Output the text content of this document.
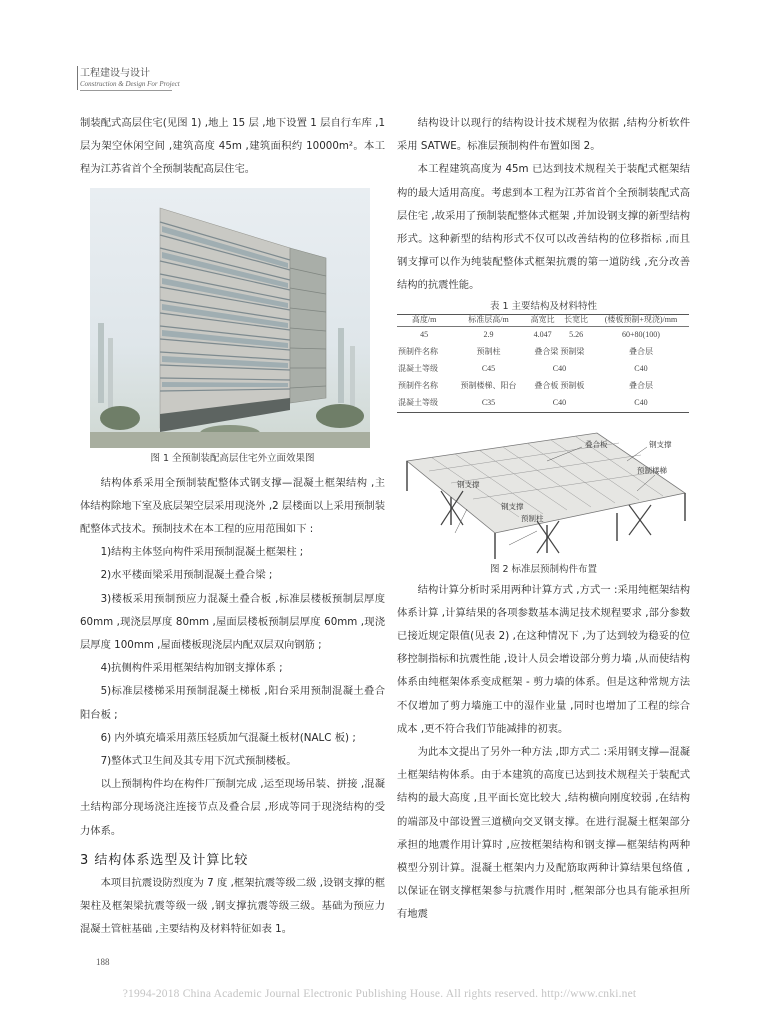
工程建设与设计
Construction & Design For Project

制装配式高层住宅(见图 1) ,地上 15 层 ,地下设置 1 层自行车库 ,1 层为架空休闲空间 ,建筑高度 45m ,建筑面积约 10000m²。本工程为江苏省首个全预制装配高层住宅。

图 1 全预制装配高层住宅外立面效果图

结构体系采用全预制装配整体式钢支撑—混凝土框架结构 ,主体结构除地下室及底层架空层采用现浇外 ,2 层楼面以上采用预制装配整体式技术。预制技术在本工程的应用范围如下 :

1)结构主体竖向构件采用预制混凝土框架柱 ;

2)水平楼面梁采用预制混凝土叠合梁 ;

3)楼板采用预制预应力混凝土叠合板 ,标准层楼板预制层厚度 60mm ,现浇层厚度 80mm ,屋面层楼板预制层厚度 60mm ,现浇层厚度 100mm ,屋面楼板现浇层内配双层双向钢筋 ;

4)抗侧构件采用框架结构加钢支撑体系 ;

5)标准层楼梯采用预制混凝土梯板 ,阳台采用预制混凝土叠合阳台板 ;

6) 内外填充墙采用蒸压轻质加气混凝土板材(NALC 板) ;

7)整体式卫生间及其专用下沉式预制楼板。

以上预制构件均在构件厂预制完成 ,运至现场吊装、拼接 ,混凝土结构部分现场浇注连接节点及叠合层 ,形成等同于现浇结构的受力体系。

3 结构体系选型及计算比较

本项目抗震设防烈度为 7 度 ,框架抗震等级二级 ,设钢支撑的框架柱及框架梁抗震等级一级 ,钢支撑抗震等级三级。基础为预应力混凝土管桩基础 ,主要结构及材料特征如表 1。

结构设计以现行的结构设计技术规程为依据 ,结构分析软件采用 SATWE。标准层预制构件布置如图 2。

本工程建筑高度为 45m 已达到技术规程关于装配式框架结构的最大适用高度。考虑到本工程为江苏省首个全预制装配式高层住宅 ,故采用了预制装配整体式框架 ,并加设钢支撑的新型结构形式。这种新型的结构形式不仅可以改善结构的位移指标 ,而且钢支撑可以作为纯装配整体式框架抗震的第一道防线 ,充分改善结构的抗震性能。

表 1 主要结构及材料特性
高度/m	标准层高/m	高宽比	长宽比	(楼板预制+现浇)/mm
45	2.9	4.047	5.26	60+80(100)
预制件名称	预制柱	叠合梁 预制梁		叠合层
混凝土等级	C45	C40		C40
预制件名称	预制楼梯、阳台	叠合板 预制板		叠合层
混凝土等级	C35	C40		C40
叠合板	钢支撑
预制楼梯
钢支撑
钢支撑
预制柱
图 2 标准层预制构件布置

结构计算分析时采用两种计算方式 ,方式一 :采用纯框架结构体系计算 ,计算结果的各项参数基本满足技术规程要求 ,部分参数已接近规定限值(见表 2) ,在这种情况下 ,为了达到较为稳妥的位移控制指标和抗震性能 ,设计人员会增设部分剪力墙 ,从而使结构体系由纯框架体系变成框架 - 剪力墙的体系。但是这种常规方法不仅增加了剪力墙施工中的湿作业量 ,同时也增加了工程的综合成本 ,更不符合我们节能减排的初衷。

为此本文提出了另外一种方法 ,即方式二 :采用钢支撑—混凝土框架结构体系。由于本建筑的高度已达到技术规程关于装配式结构的最大高度 ,且平面长宽比较大 ,结构横向刚度较弱 ,在结构的端部及中部设置三道横向交叉钢支撑。在进行混凝土框架部分承担的地震作用计算时 ,应按框架结构和钢支撑—框架结构两种模型分别计算。混凝土框架内力及配筋取两种计算结果包络值 ,以保证在钢支撑框架参与抗震作用时 ,框架部分也具有能承担所有地震

188
?1994-2018 China Academic Journal Electronic Publishing House. All rights reserved. http://www.cnki.net
